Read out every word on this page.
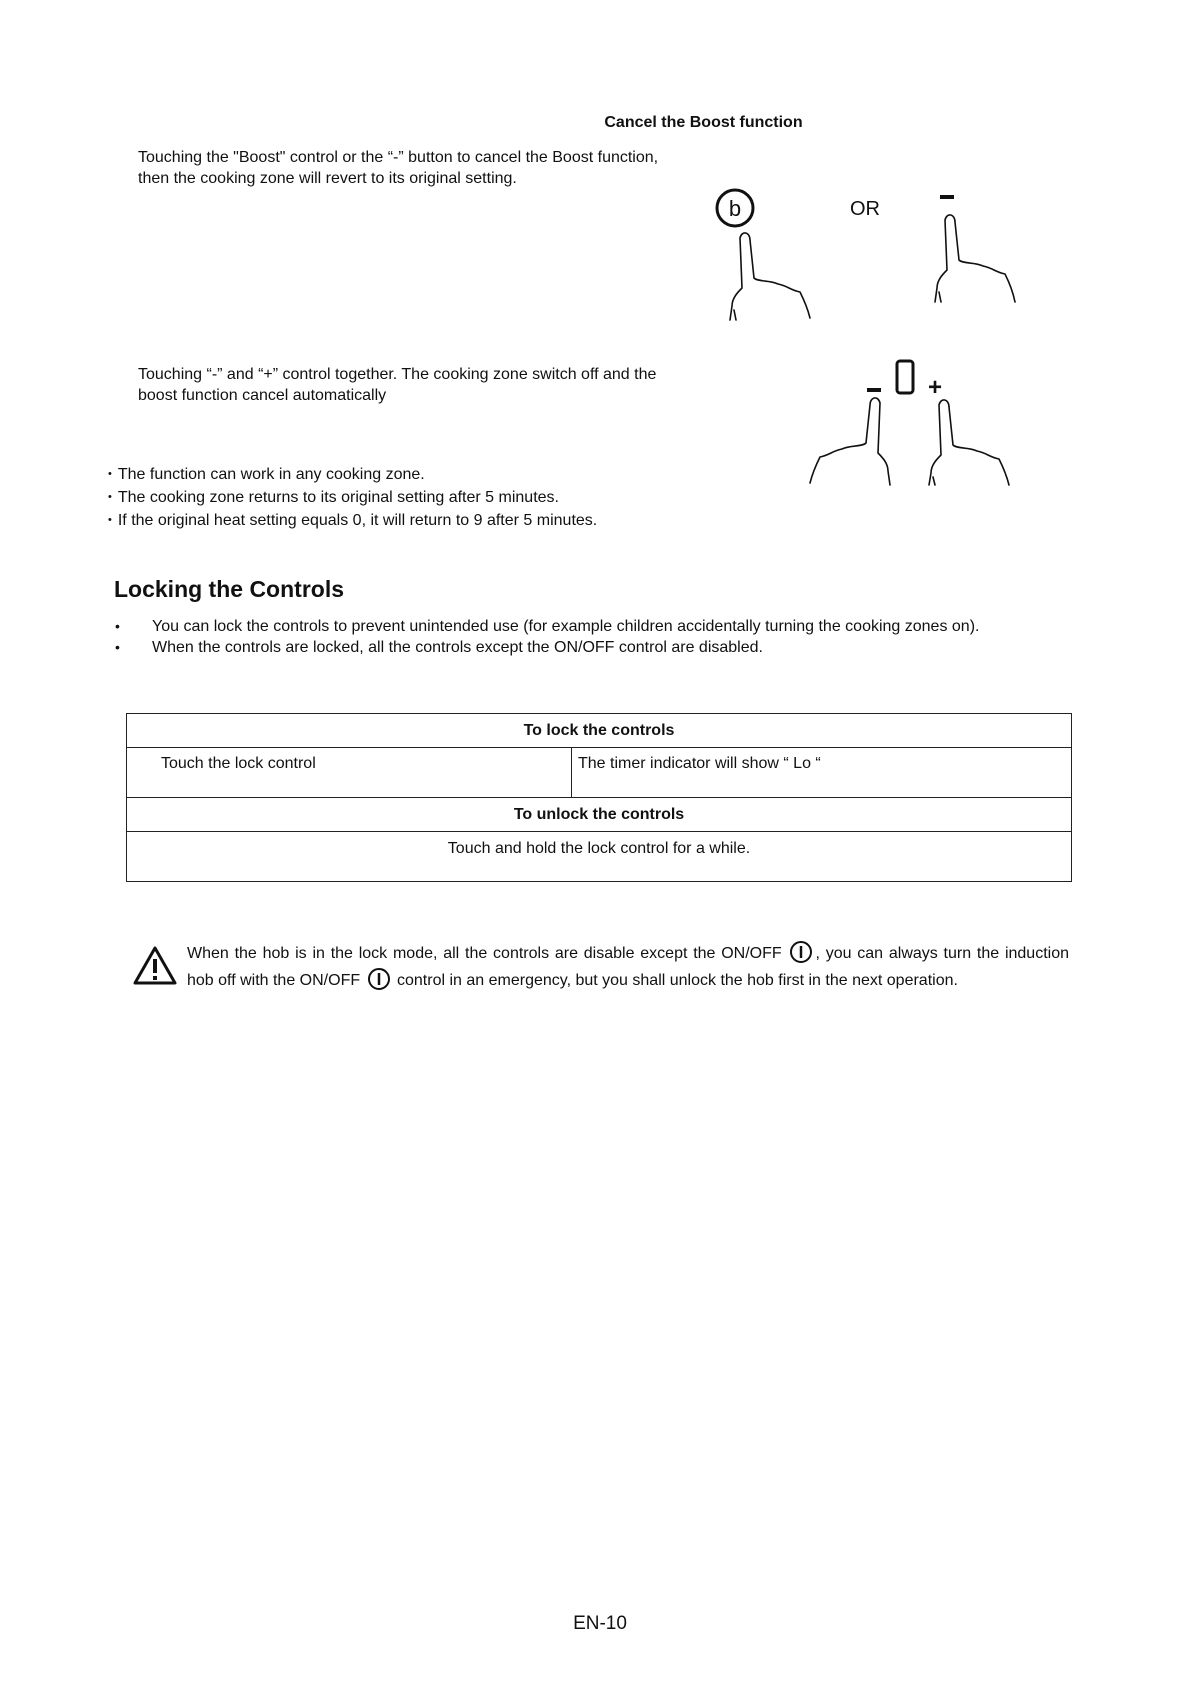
Cancel the Boost function

Touching the "Boost" control or the “-” button to cancel the Boost function, then the cooking zone will revert to its original setting.

b	OR

Touching “-” and “+” control together. The cooking zone switch off and the boost function cancel automatically	+
• The function can work in any cooking zone.
• The cooking zone returns to its original setting after 5 minutes.
• If the original heat setting equals 0, it will return to 9 after 5 minutes.
Locking the Controls
• You can lock the controls to prevent unintended use (for example children accidentally turning the cooking zones on).
• When the controls are locked, all the controls except the ON/OFF control are disabled.
To lock the controls
Touch the lock control	The timer indicator will show “ Lo “
To unlock the controls
Touch and hold the lock control for a while.
When the hob is in the lock mode, all the controls are disable except the ON/OFF , you can always turn the induction hob off with the ON/OFF  control in an emergency, but you shall unlock the hob first in the next operation.
EN-10
